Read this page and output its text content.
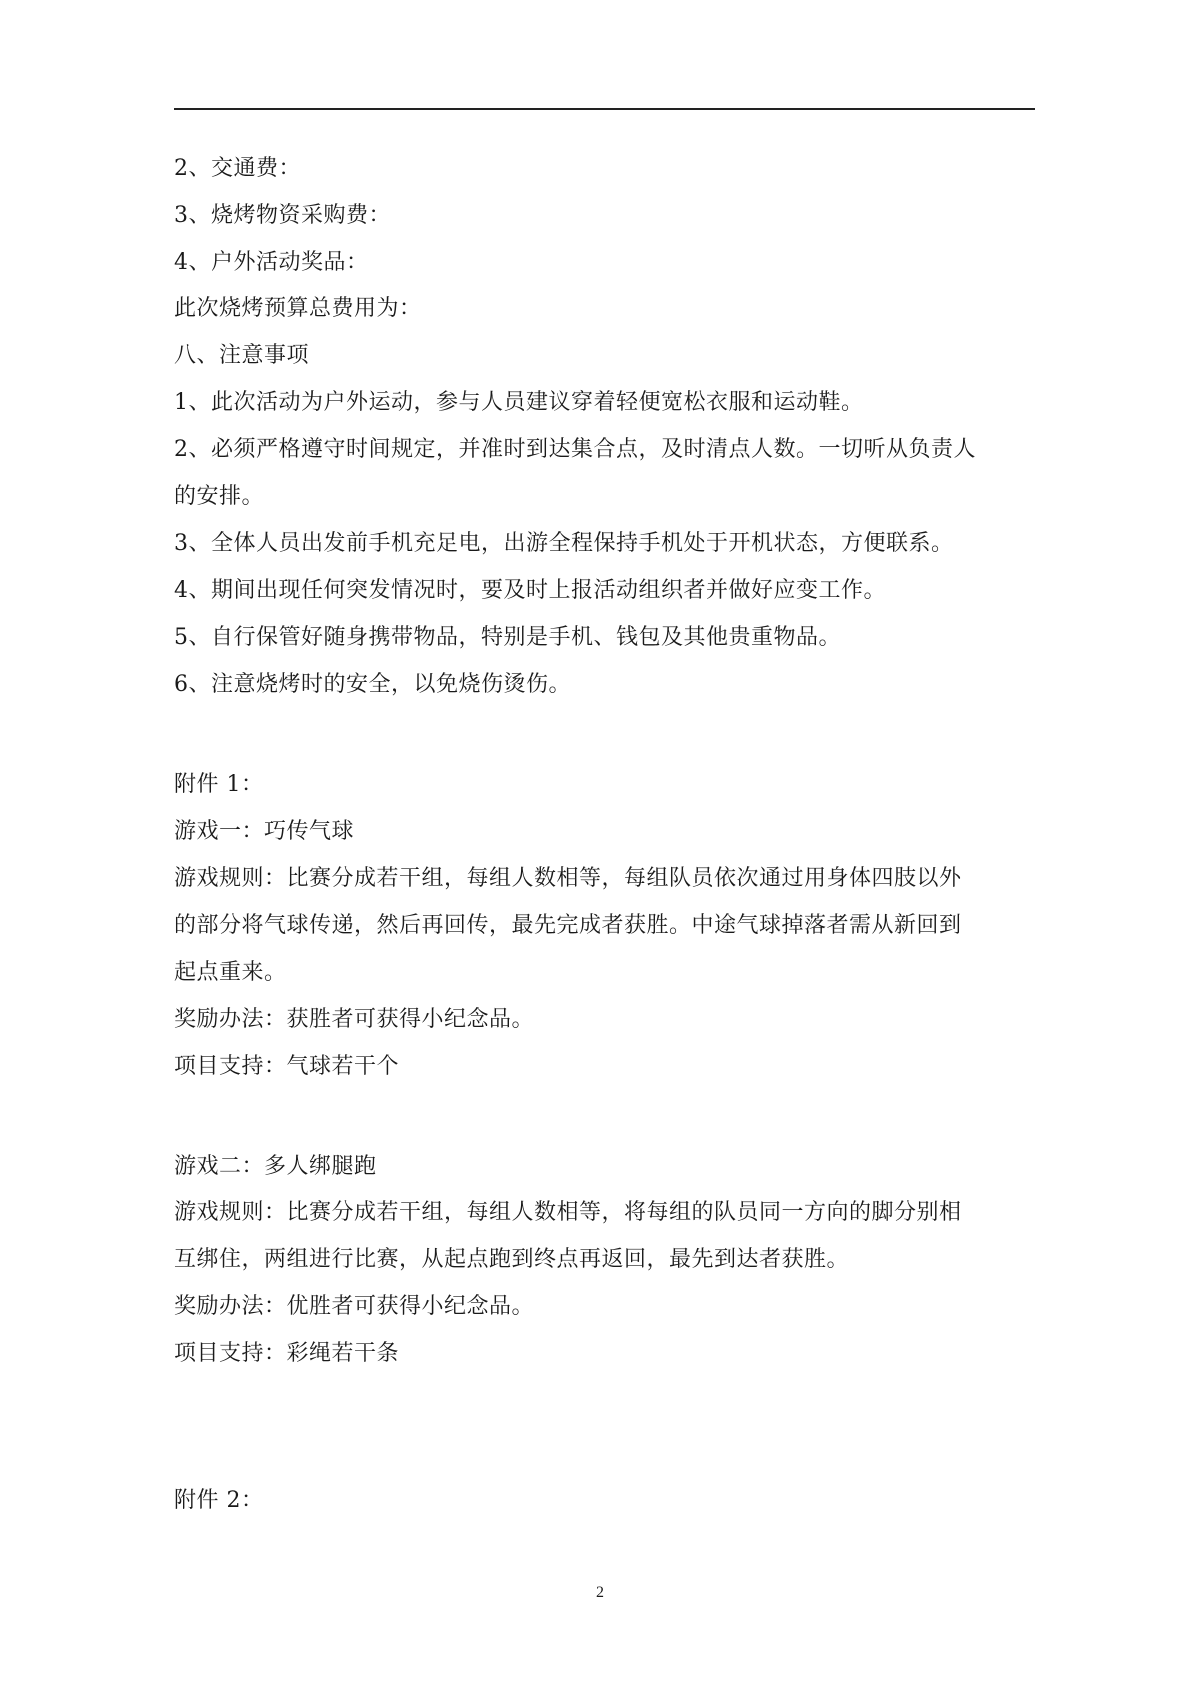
2、交通费：
3、烧烤物资采购费：
4、户外活动奖品：
此次烧烤预算总费用为：
八、注意事项
1、此次活动为户外运动，参与人员建议穿着轻便宽松衣服和运动鞋。
2、必须严格遵守时间规定，并准时到达集合点，及时清点人数。一切听从负责人
的安排。
3、全体人员出发前手机充足电，出游全程保持手机处于开机状态，方便联系。
4、期间出现任何突发情况时，要及时上报活动组织者并做好应变工作。
5、自行保管好随身携带物品，特别是手机、钱包及其他贵重物品。
6、注意烧烤时的安全，以免烧伤烫伤。
附件 1：
游戏一：巧传气球
游戏规则：比赛分成若干组，每组人数相等，每组队员依次通过用身体四肢以外
的部分将气球传递，然后再回传，最先完成者获胜。中途气球掉落者需从新回到
起点重来。
奖励办法：获胜者可获得小纪念品。
项目支持：气球若干个
游戏二：多人绑腿跑
游戏规则：比赛分成若干组，每组人数相等，将每组的队员同一方向的脚分别相
互绑住，两组进行比赛，从起点跑到终点再返回，最先到达者获胜。
奖励办法：优胜者可获得小纪念品。
项目支持：彩绳若干条
附件 2：
2
